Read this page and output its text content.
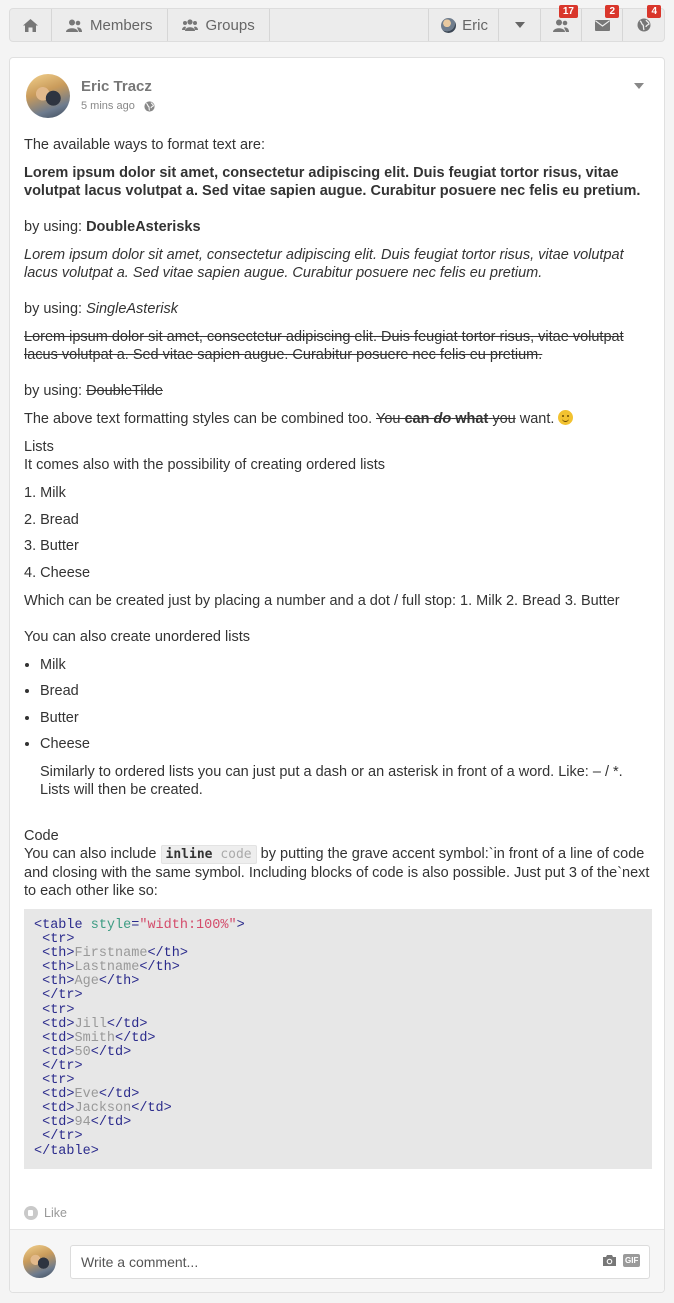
Members	Groups	Eric
17	2	4
Eric Tracz
5 mins ago

The available ways to format text are:

Lorem ipsum dolor sit amet, consectetur adipiscing elit. Duis feugiat tortor risus, vitae volutpat lacus volutpat a. Sed vitae sapien augue. Curabitur posuere nec felis eu pretium.

by using: DoubleAsterisks

Lorem ipsum dolor sit amet, consectetur adipiscing elit. Duis feugiat tortor risus, vitae volutpat lacus volutpat a. Sed vitae sapien augue. Curabitur posuere nec felis eu pretium.

by using: SingleAsterisk

Lorem ipsum dolor sit amet, consectetur adipiscing elit. Duis feugiat tortor risus, vitae volutpat lacus volutpat a. Sed vitae sapien augue. Curabitur posuere nec felis eu pretium.

by using: DoubleTilde

The above text formatting styles can be combined too. You can do what you want.

Lists

It comes also with the possibility of creating ordered lists

1. Milk
2. Bread
3. Butter
4. Cheese

Which can be created just by placing a number and a dot / full stop: 1. Milk 2. Bread 3. Butter

You can also create unordered lists

• Milk
• Bread
• Butter
• Cheese

Similarly to ordered lists you can just put a dash or an asterisk in front of a word. Like: – / *. Lists will then be created.

Code
You can also include inline code by putting the grave accent symbol:`in front of a line of code and closing with the same symbol. Including blocks of code is also possible. Just put 3 of the`next to each other like so:
<table style="width:100%">
<tr>
<th>Firstname</th>
<th>Lastname</th>
<th>Age</th>
</tr>
<tr>
<td>Jill</td>
<td>Smith</td>
<td>50</td>
</tr>
<tr>
<td>Eve</td>
<td>Jackson</td>
<td>94</td>
</tr>
</table>
Like
Write a comment...	GIF
